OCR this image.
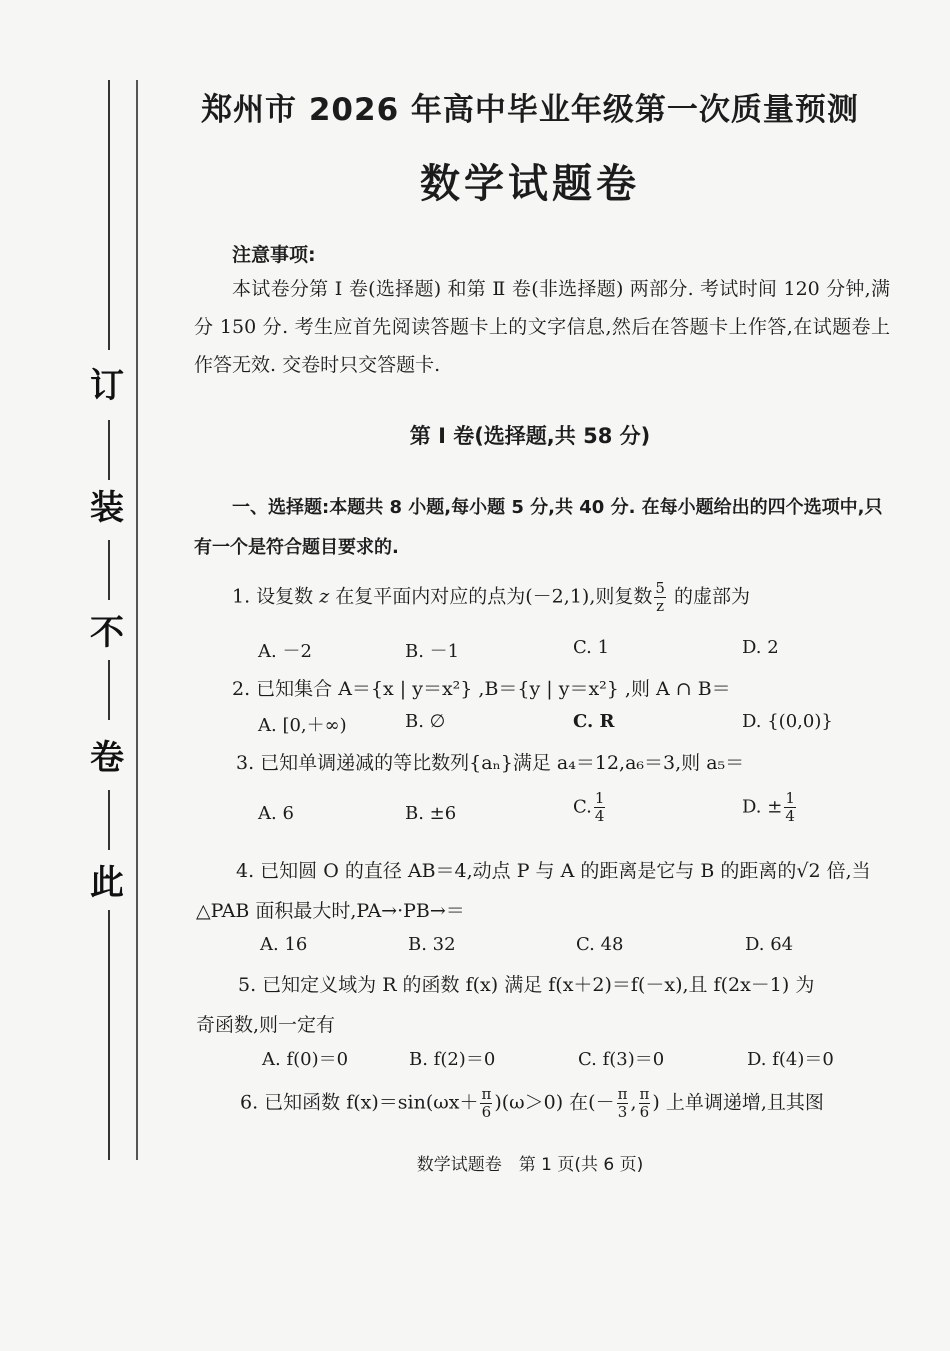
订
装
不
卷
此
郑州市 2026 年高中毕业年级第一次质量预测
数学试题卷
注意事项:
本试卷分第 Ⅰ 卷(选择题) 和第 Ⅱ 卷(非选择题) 两部分. 考试时间 120 分钟,满分 150 分. 考生应首先阅读答题卡上的文字信息,然后在答题卡上作答,在试题卷上作答无效. 交卷时只交答题卡.
第 Ⅰ 卷(选择题,共 58 分)
一、选择题:本题共 8 小题,每小题 5 分,共 40 分. 在每小题给出的四个选项中,只有一个是符合题目要求的.
1. 设复数 z 在复平面内对应的点为(－2,1),则复数 $\frac{5}{z}$ 的虚部为
A. －2	B. －1	C. 1	D. 2
2. 已知集合 A＝{x | y＝x²} ,B＝{y | y＝x²} ,则 A ∩ B＝
A. [0,＋∞)	B. ∅	C. R	D. {(0,0)}
3. 已知单调递减的等比数列{aₙ}满足 a₄＝12,a₆＝3,则 a₅＝
A. 6	B. ±6	C. $\frac{1}{4}$	D. ± $\frac{1}{4}$
4. 已知圆 O 的直径 AB＝4,动点 P 与 A 的距离是它与 B 的距离的√2 倍,当
△PAB 面积最大时,PA→·PB→＝
A. 16	B. 32	C. 48	D. 64
5. 已知定义域为 R 的函数 f(x) 满足 f(x＋2)＝f(－x),且 f(2x－1) 为
奇函数,则一定有
A. f(0)＝0	B. f(2)＝0	C. f(3)＝0	D. f(4)＝0
6. 已知函数 $f(x)=\sin(\omega x+ \frac{\pi}{6} )(\omega>0)$ 在(－ $\frac{\pi}{3}$ , $\frac{\pi}{6}$ ) 上单调递增,且其图
数学试题卷　第 1 页(共 6 页)
